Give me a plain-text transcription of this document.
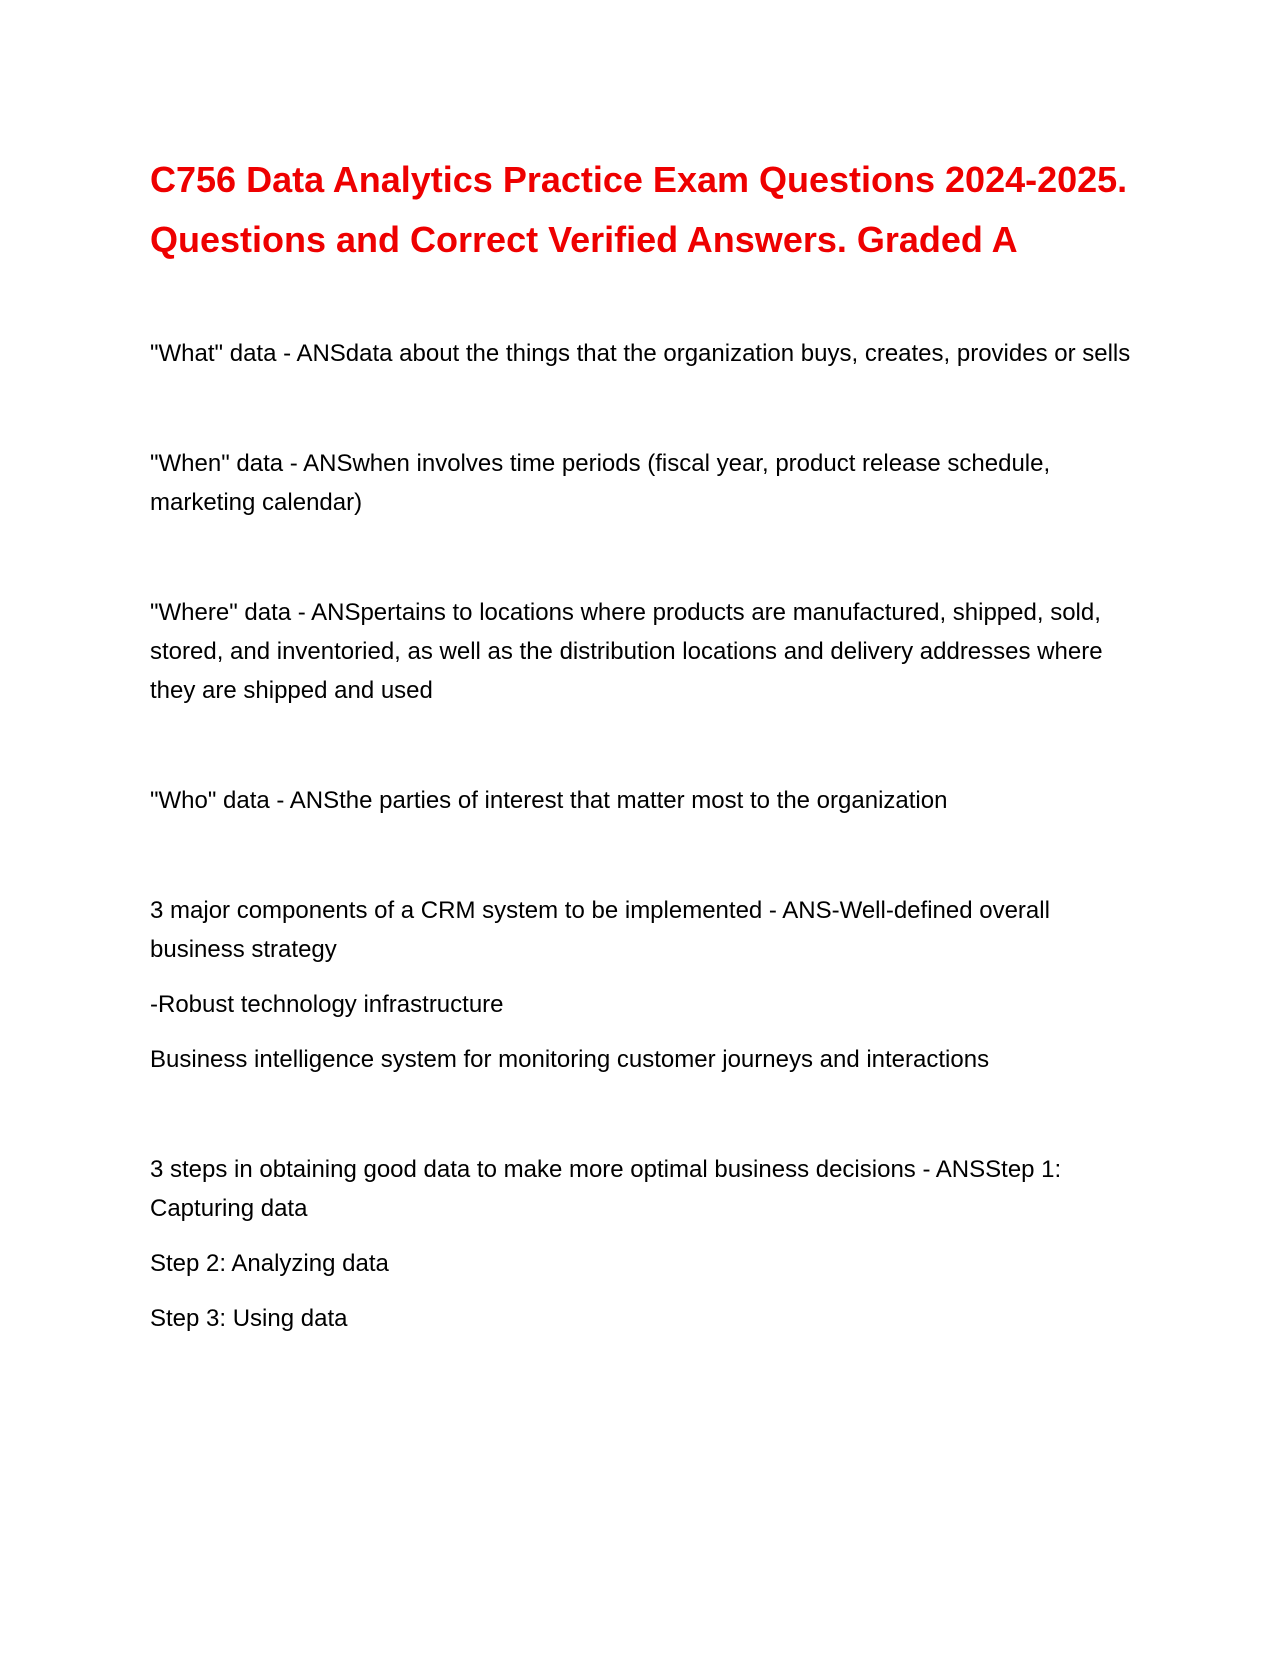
C756 Data Analytics Practice Exam Questions 2024-2025. Questions and Correct Verified Answers. Graded A

"What" data - ANSdata about the things that the organization buys, creates, provides or sells

"When" data - ANSwhen involves time periods (fiscal year, product release schedule, marketing calendar)

"Where" data - ANSpertains to locations where products are manufactured, shipped, sold, stored, and inventoried, as well as the distribution locations and delivery addresses where they are shipped and used

"Who" data - ANSthe parties of interest that matter most to the organization

3 major components of a CRM system to be implemented - ANS-Well-defined overall business strategy

-Robust technology infrastructure

Business intelligence system for monitoring customer journeys and interactions

3 steps in obtaining good data to make more optimal business decisions - ANSStep 1: Capturing data

Step 2: Analyzing data

Step 3: Using data
